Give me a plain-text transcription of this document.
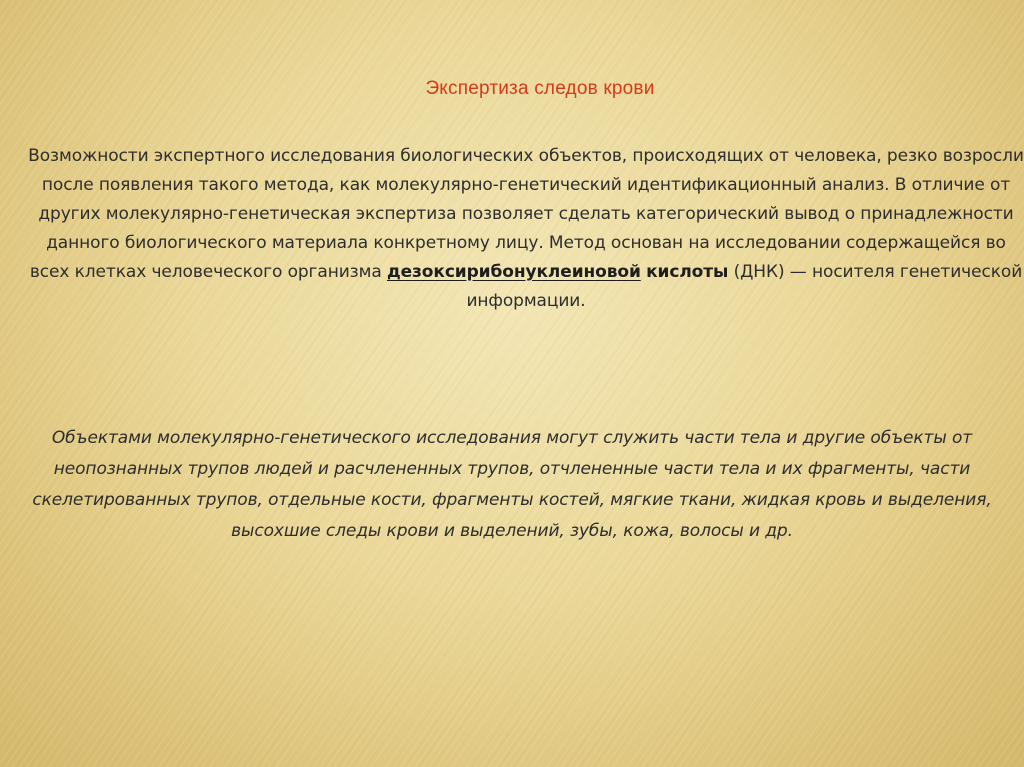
Экспертиза следов крови
Возможности экспертного исследования биологических объектов, происходящих от человека, резко возросли после появления такого метода, как молекулярно-генетический идентификационный анализ. В отличие от других молекулярно-генетическая экспертиза позволяет сделать категорический вывод о принадлежности данного биологического материала конкретному лицу. Метод основан на исследовании содержащейся во всех клетках человеческого организма дезоксирибонуклеиновой кислоты (ДНК) — носителя генетической информации.
Объектами молекулярно-генетического исследования могут служить части тела и другие объекты от неопознанных трупов людей и расчлененных трупов, отчлененные части тела и их фрагменты, части скелетированных трупов, отдельные кости, фрагменты костей, мягкие ткани, жидкая кровь и выделения, высохшие следы крови и выделений, зубы, кожа, волосы и др.
